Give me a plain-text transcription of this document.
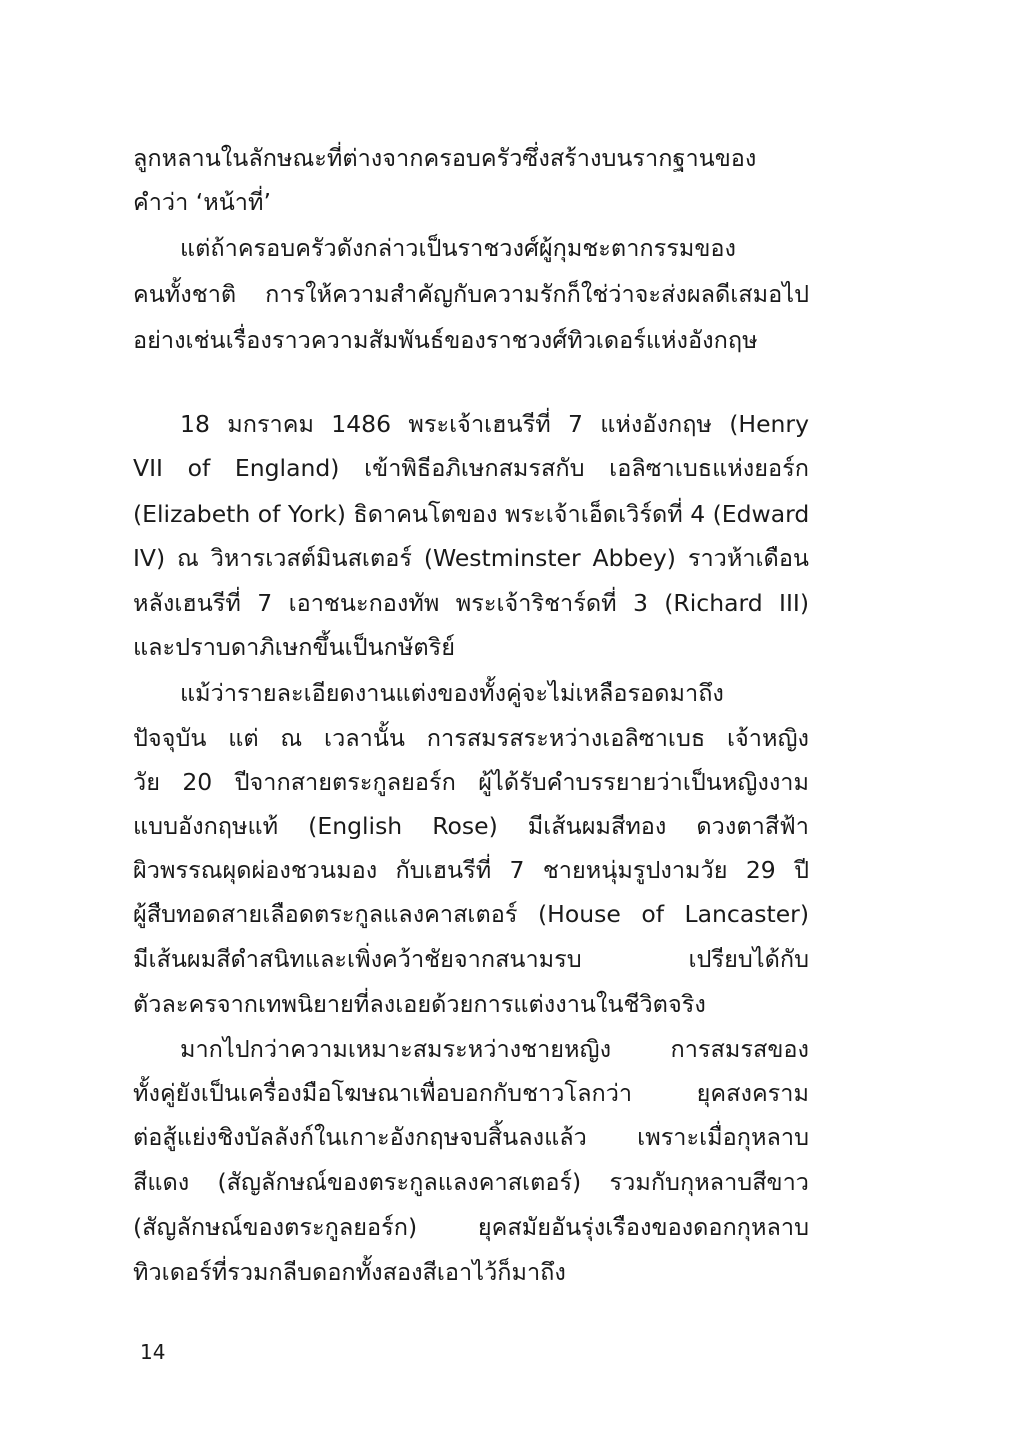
ลูกหลานในลักษณะที่ต่างจากครอบครัวซึ่งสร้างบนรากฐานของ
คำว่า ‘หน้าที่’
แต่ถ้าครอบครัวดังกล่าวเป็นราชวงศ์ผู้กุมชะตากรรมของ
คนทั้งชาติ การให้ความสำคัญกับความรักก็ใช่ว่าจะส่งผลดีเสมอไป
อย่างเช่นเรื่องราวความสัมพันธ์ของราชวงศ์ทิวเดอร์แห่งอังกฤษ
18 มกราคม 1486 พระเจ้าเฮนรีที่ 7 แห่งอังกฤษ (Henry
VII of England) เข้าพิธีอภิเษกสมรสกับ เอลิซาเบธแห่งยอร์ก
(Elizabeth of York) ธิดาคนโตของ พระเจ้าเอ็ดเวิร์ดที่ 4 (Edward
IV) ณ วิหารเวสต์มินสเตอร์ (Westminster Abbey) ราวห้าเดือน
หลังเฮนรีที่ 7 เอาชนะกองทัพ พระเจ้าริชาร์ดที่ 3 (Richard III)
และปราบดาภิเษกขึ้นเป็นกษัตริย์
แม้ว่ารายละเอียดงานแต่งของทั้งคู่จะไม่เหลือรอดมาถึง
ปัจจุบัน แต่ ณ เวลานั้น การสมรสระหว่างเอลิซาเบธ เจ้าหญิง
วัย 20 ปีจากสายตระกูลยอร์ก ผู้ได้รับคำบรรยายว่าเป็นหญิงงาม
แบบอังกฤษแท้ (English Rose) มีเส้นผมสีทอง ดวงตาสีฟ้า
ผิวพรรณผุดผ่องชวนมอง กับเฮนรีที่ 7 ชายหนุ่มรูปงามวัย 29 ปี
ผู้สืบทอดสายเลือดตระกูลแลงคาสเตอร์ (House of Lancaster)
มีเส้นผมสีดำสนิทและเพิ่งคว้าชัยจากสนามรบ เปรียบได้กับ
ตัวละครจากเทพนิยายที่ลงเอยด้วยการแต่งงานในชีวิตจริง
มากไปกว่าความเหมาะสมระหว่างชายหญิง การสมรสของ
ทั้งคู่ยังเป็นเครื่องมือโฆษณาเพื่อบอกกับชาวโลกว่า ยุคสงคราม
ต่อสู้แย่งชิงบัลลังก์ในเกาะอังกฤษจบสิ้นลงแล้ว เพราะเมื่อกุหลาบ
สีแดง (สัญลักษณ์ของตระกูลแลงคาสเตอร์) รวมกับกุหลาบสีขาว
(สัญลักษณ์ของตระกูลยอร์ก) ยุคสมัยอันรุ่งเรืองของดอกกุหลาบ
ทิวเดอร์ที่รวมกลีบดอกทั้งสองสีเอาไว้ก็มาถึง
14
